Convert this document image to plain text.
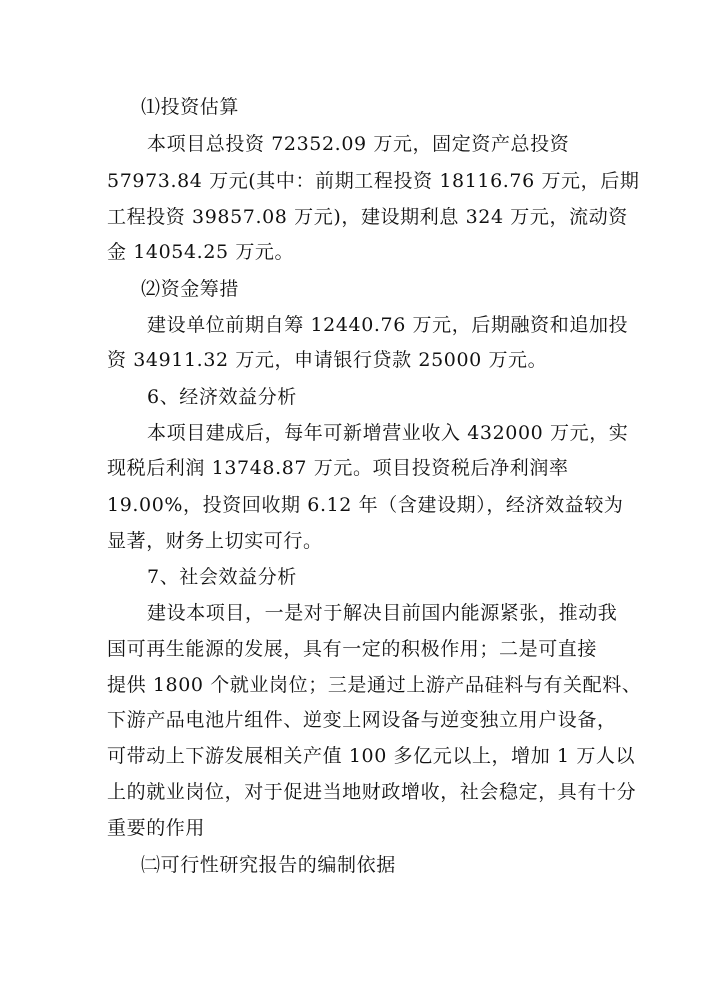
⑴投资估算
本项目总投资 72352.09 万元，固定资产总投资
57973.84 万元(其中：前期工程投资 18116.76 万元，后期
工程投资 39857.08 万元)，建设期利息 324 万元，流动资
金 14054.25 万元。
⑵资金筹措
建设单位前期自筹 12440.76 万元，后期融资和追加投
资 34911.32 万元，申请银行贷款 25000 万元。
6、经济效益分析
本项目建成后，每年可新增营业收入 432000 万元，实
现税后利润 13748.87 万元。项目投资税后净利润率
19.00%，投资回收期 6.12 年（含建设期），经济效益较为
显著，财务上切实可行。
7、社会效益分析
建设本项目，一是对于解决目前国内能源紧张，推动我
国可再生能源的发展，具有一定的积极作用；二是可直接
提供 1800 个就业岗位；三是通过上游产品硅料与有关配料、
下游产品电池片组件、逆变上网设备与逆变独立用户设备，
可带动上下游发展相关产值 100 多亿元以上，增加 1 万人以
上的就业岗位，对于促进当地财政增收，社会稳定，具有十分
重要的作用
㈡可行性研究报告的编制依据
